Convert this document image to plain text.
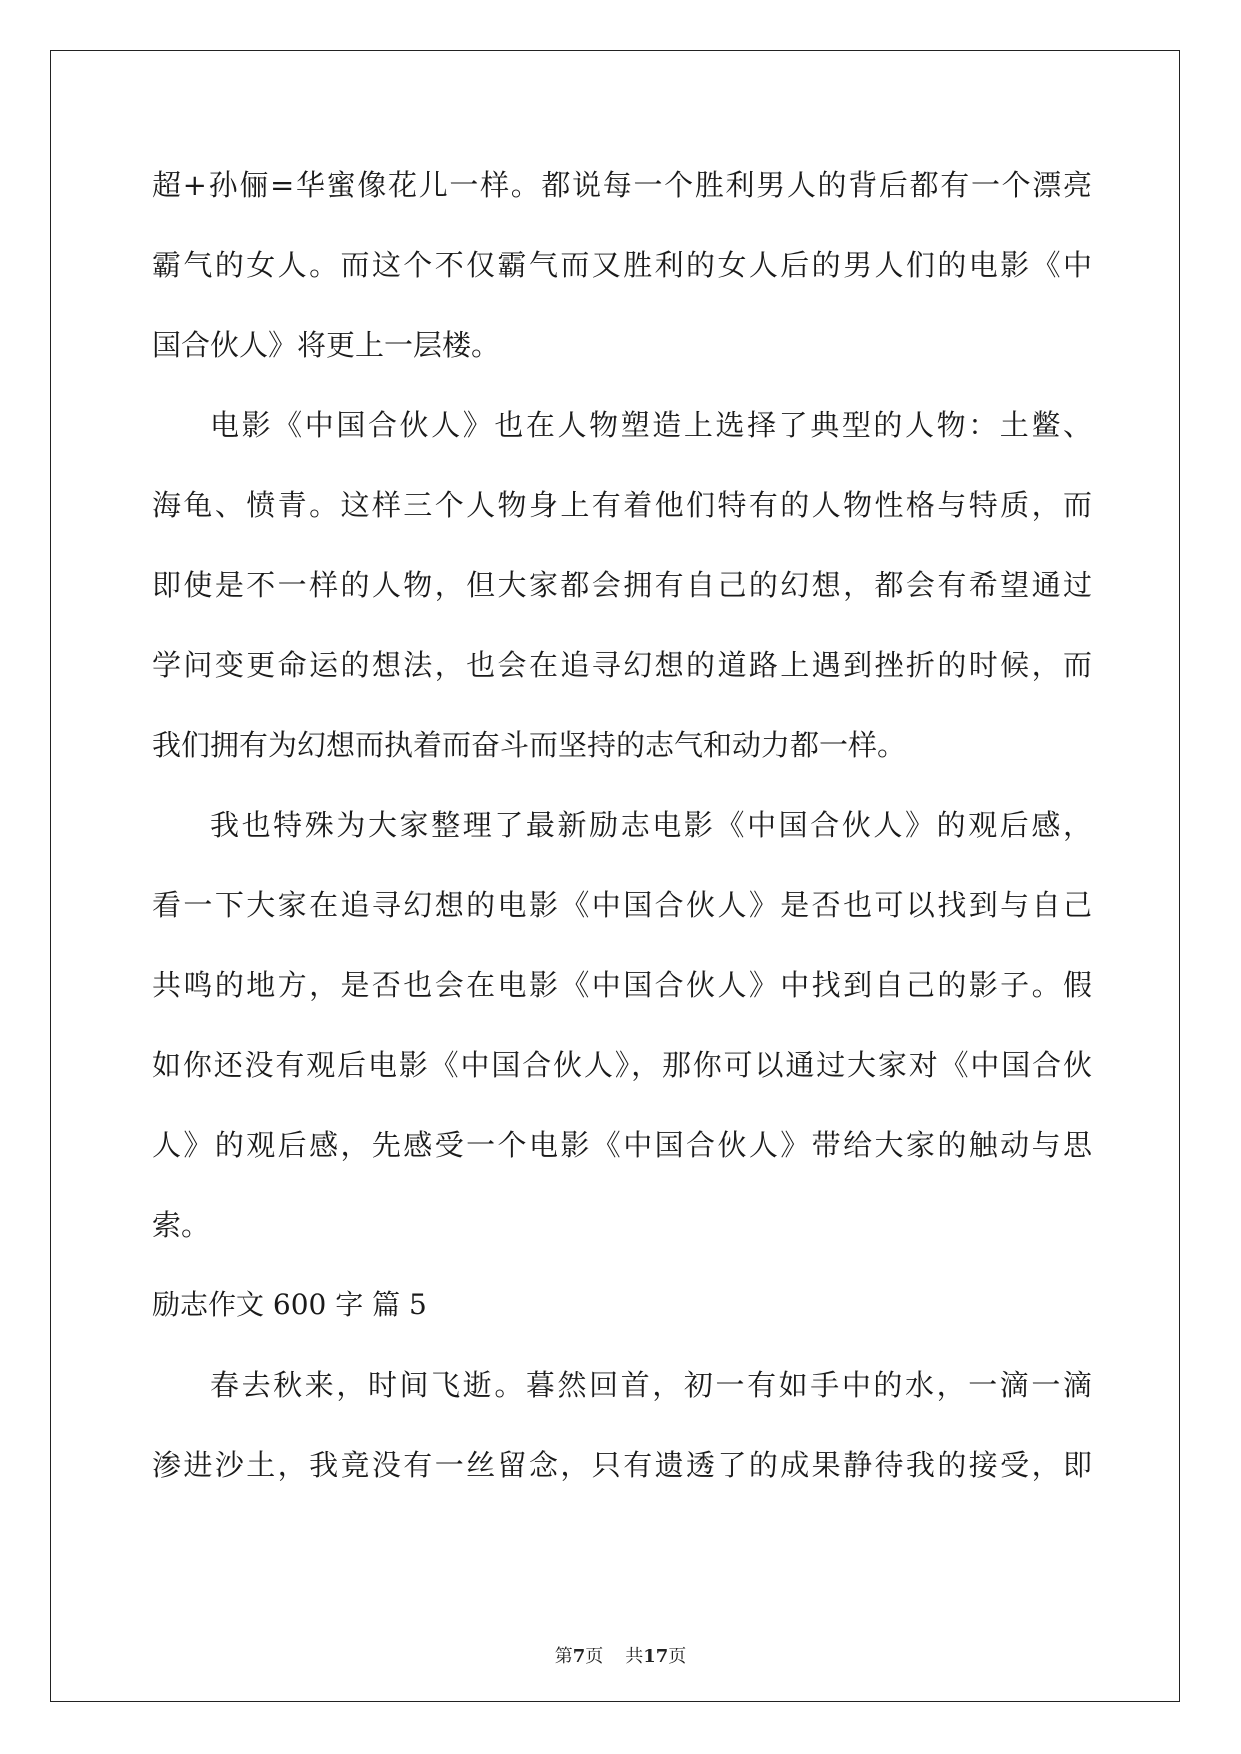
超+孙俪=华蜜像花儿一样。都说每一个胜利男人的背后都有一个漂亮
霸气的女人。而这个不仅霸气而又胜利的女人后的男人们的电影《中
国合伙人》将更上一层楼。
电影《中国合伙人》也在人物塑造上选择了典型的人物：土鳖、
海龟、愤青。这样三个人物身上有着他们特有的人物性格与特质，而
即使是不一样的人物，但大家都会拥有自己的幻想，都会有希望通过
学问变更命运的想法，也会在追寻幻想的道路上遇到挫折的时候，而
我们拥有为幻想而执着而奋斗而坚持的志气和动力都一样。
我也特殊为大家整理了最新励志电影《中国合伙人》的观后感，
看一下大家在追寻幻想的电影《中国合伙人》是否也可以找到与自己
共鸣的地方，是否也会在电影《中国合伙人》中找到自己的影子。假
如你还没有观后电影《中国合伙人》，那你可以通过大家对《中国合伙
人》的观后感，先感受一个电影《中国合伙人》带给大家的触动与思
索。
励志作文 600 字 篇 5
春去秋来，时间飞逝。暮然回首，初一有如手中的水，一滴一滴
渗进沙土，我竟没有一丝留念，只有遗透了的成果静待我的接受，即
第7页 共17页
